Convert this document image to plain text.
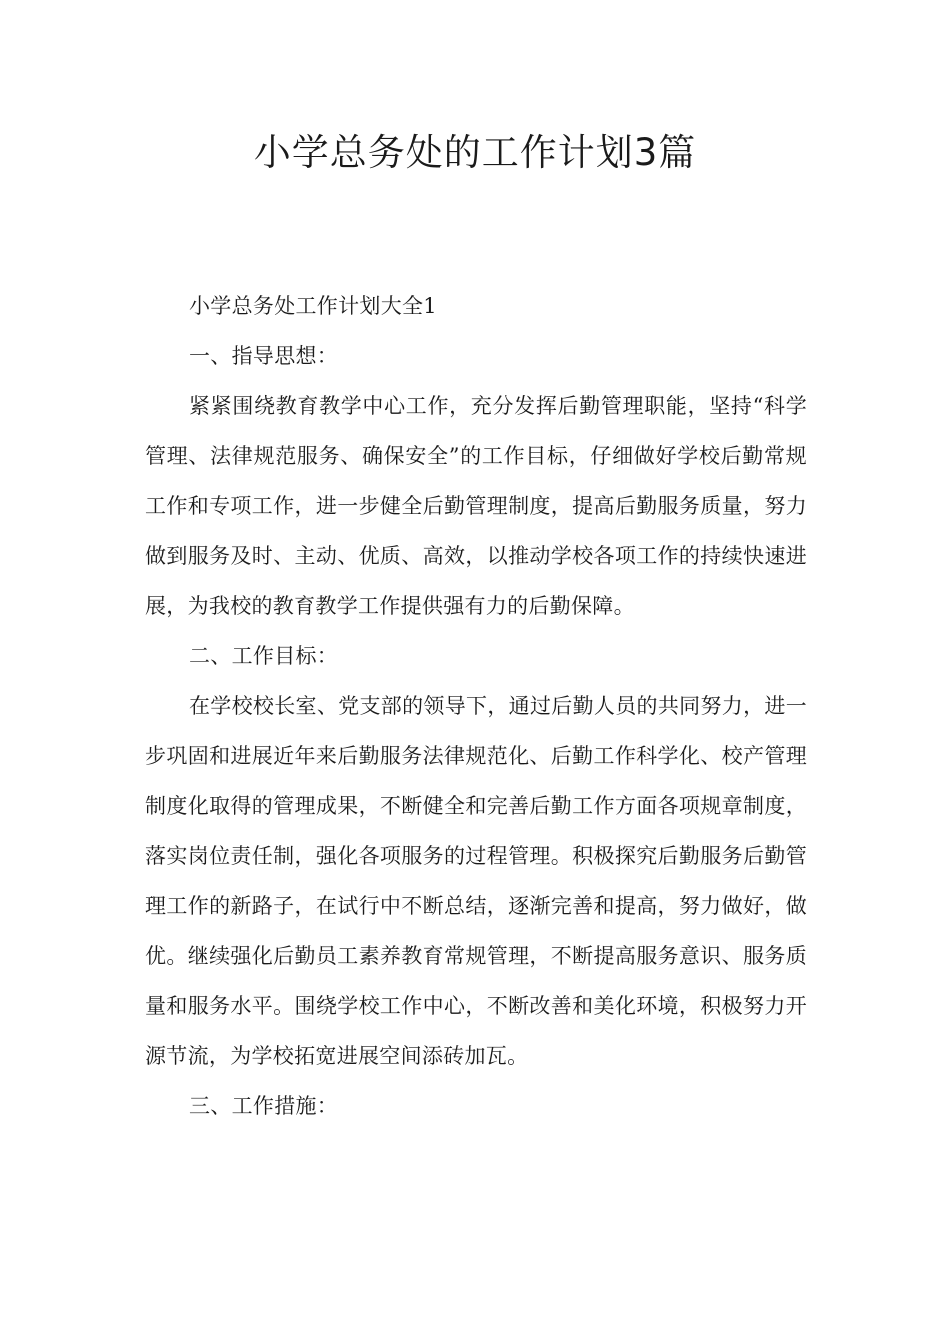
小学总务处的工作计划3篇

小学总务处工作计划大全1

一、指导思想：

紧紧围绕教育教学中心工作，充分发挥后勤管理职能，坚持“科学管理、法律规范服务、确保安全”的工作目标，仔细做好学校后勤常规工作和专项工作，进一步健全后勤管理制度，提高后勤服务质量，努力做到服务及时、主动、优质、高效，以推动学校各项工作的持续快速进展，为我校的教育教学工作提供强有力的后勤保障。

二、工作目标：

在学校校长室、党支部的领导下，通过后勤人员的共同努力，进一步巩固和进展近年来后勤服务法律规范化、后勤工作科学化、校产管理制度化取得的管理成果，不断健全和完善后勤工作方面各项规章制度，落实岗位责任制，强化各项服务的过程管理。积极探究后勤服务后勤管理工作的新路子，在试行中不断总结，逐渐完善和提高，努力做好，做优。继续强化后勤员工素养教育常规管理，不断提高服务意识、服务质量和服务水平。围绕学校工作中心，不断改善和美化环境，积极努力开源节流，为学校拓宽进展空间添砖加瓦。

三、工作措施：
